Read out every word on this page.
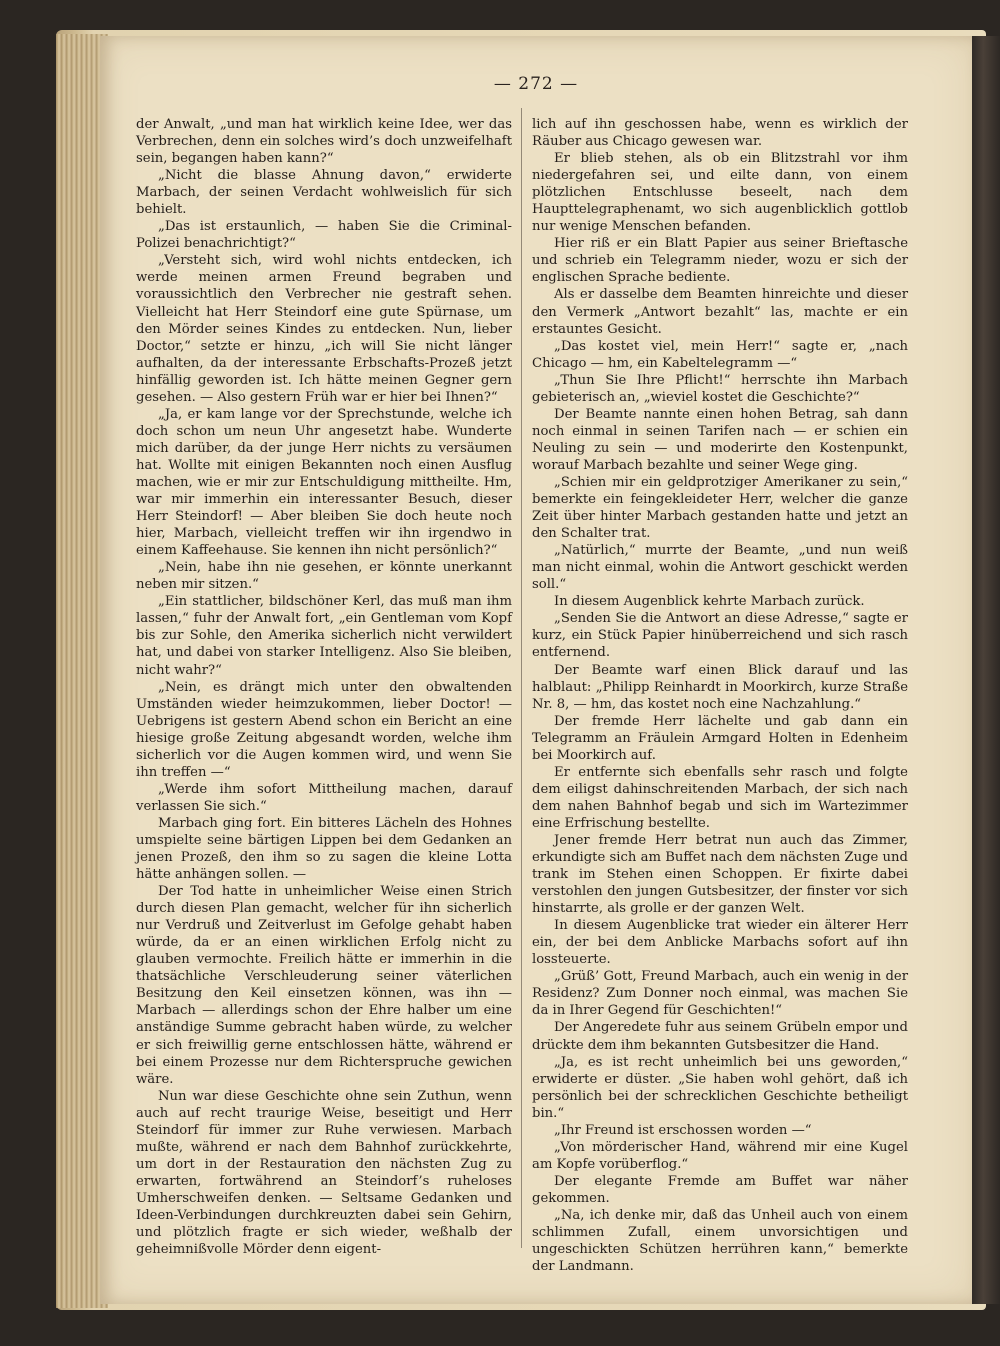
— 272 —

der Anwalt, „und man hat wirklich keine Idee, wer das Verbrechen, denn ein solches wird’s doch unzweifelhaft sein, begangen haben kann?“

„Nicht die blasse Ahnung davon,“ erwiderte Marbach, der seinen Verdacht wohlweislich für sich behielt.

„Das ist erstaunlich, — haben Sie die Criminal-Polizei benachrichtigt?“

„Versteht sich, wird wohl nichts entdecken, ich werde meinen armen Freund begraben und voraussichtlich den Verbrecher nie gestraft sehen. Vielleicht hat Herr Steindorf eine gute Spürnase, um den Mörder seines Kindes zu entdecken. Nun, lieber Doctor,“ setzte er hinzu, „ich will Sie nicht länger aufhalten, da der interessante Erbschafts-Prozeß jetzt hinfällig geworden ist. Ich hätte meinen Gegner gern gesehen. — Also gestern Früh war er hier bei Ihnen?“

„Ja, er kam lange vor der Sprechstunde, welche ich doch schon um neun Uhr angesetzt habe. Wunderte mich darüber, da der junge Herr nichts zu versäumen hat. Wollte mit einigen Bekannten noch einen Ausflug machen, wie er mir zur Entschuldigung mittheilte. Hm, war mir immerhin ein interessanter Besuch, dieser Herr Steindorf! — Aber bleiben Sie doch heute noch hier, Marbach, vielleicht treffen wir ihn irgendwo in einem Kaffeehause. Sie kennen ihn nicht persönlich?“

„Nein, habe ihn nie gesehen, er könnte unerkannt neben mir sitzen.“

„Ein stattlicher, bildschöner Kerl, das muß man ihm lassen,“ fuhr der Anwalt fort, „ein Gentleman vom Kopf bis zur Sohle, den Amerika sicherlich nicht verwildert hat, und dabei von starker Intelligenz. Also Sie bleiben, nicht wahr?“

„Nein, es drängt mich unter den obwaltenden Umständen wieder heimzukommen, lieber Doctor! — Uebrigens ist gestern Abend schon ein Bericht an eine hiesige große Zeitung abgesandt worden, welche ihm sicherlich vor die Augen kommen wird, und wenn Sie ihn treffen —“

„Werde ihm sofort Mittheilung machen, darauf verlassen Sie sich.“

Marbach ging fort. Ein bitteres Lächeln des Hohnes umspielte seine bärtigen Lippen bei dem Gedanken an jenen Prozeß, den ihm so zu sagen die kleine Lotta hätte anhängen sollen. —

Der Tod hatte in unheimlicher Weise einen Strich durch diesen Plan gemacht, welcher für ihn sicherlich nur Verdruß und Zeitverlust im Gefolge gehabt haben würde, da er an einen wirklichen Erfolg nicht zu glauben vermochte. Freilich hätte er immerhin in die thatsächliche Verschleuderung seiner väterlichen Besitzung den Keil einsetzen können, was ihn — Marbach — allerdings schon der Ehre halber um eine anständige Summe gebracht haben würde, zu welcher er sich freiwillig gerne entschlossen hätte, während er bei einem Prozesse nur dem Richterspruche gewichen wäre.

Nun war diese Geschichte ohne sein Zuthun, wenn auch auf recht traurige Weise, beseitigt und Herr Steindorf für immer zur Ruhe verwiesen. Marbach mußte, während er nach dem Bahnhof zurückkehrte, um dort in der Restauration den nächsten Zug zu erwarten, fortwährend an Steindorf’s ruheloses Umherschweifen denken. — Seltsame Gedanken und Ideen-Verbindungen durchkreuzten dabei sein Gehirn, und plötzlich fragte er sich wieder, weßhalb der geheimnißvolle Mörder denn eigent-

lich auf ihn geschossen habe, wenn es wirklich der Räuber aus Chicago gewesen war.

Er blieb stehen, als ob ein Blitzstrahl vor ihm niedergefahren sei, und eilte dann, von einem plötzlichen Entschlusse beseelt, nach dem Haupttelegraphenamt, wo sich augenblicklich gottlob nur wenige Menschen befanden.

Hier riß er ein Blatt Papier aus seiner Brieftasche und schrieb ein Telegramm nieder, wozu er sich der englischen Sprache bediente.

Als er dasselbe dem Beamten hinreichte und dieser den Vermerk „Antwort bezahlt“ las, machte er ein erstauntes Gesicht.

„Das kostet viel, mein Herr!“ sagte er, „nach Chicago — hm, ein Kabeltelegramm —“

„Thun Sie Ihre Pflicht!“ herrschte ihn Marbach gebieterisch an, „wieviel kostet die Geschichte?“

Der Beamte nannte einen hohen Betrag, sah dann noch einmal in seinen Tarifen nach — er schien ein Neuling zu sein — und moderirte den Kostenpunkt, worauf Marbach bezahlte und seiner Wege ging.

„Schien mir ein geldprotziger Amerikaner zu sein,“ bemerkte ein feingekleideter Herr, welcher die ganze Zeit über hinter Marbach gestanden hatte und jetzt an den Schalter trat.

„Natürlich,“ murrte der Beamte, „und nun weiß man nicht einmal, wohin die Antwort geschickt werden soll.“

In diesem Augenblick kehrte Marbach zurück.

„Senden Sie die Antwort an diese Adresse,“ sagte er kurz, ein Stück Papier hinüberreichend und sich rasch entfernend.

Der Beamte warf einen Blick darauf und las halblaut: „Philipp Reinhardt in Moorkirch, kurze Straße Nr. 8, — hm, das kostet noch eine Nachzahlung.“

Der fremde Herr lächelte und gab dann ein Telegramm an Fräulein Armgard Holten in Edenheim bei Moorkirch auf.

Er entfernte sich ebenfalls sehr rasch und folgte dem eiligst dahinschreitenden Marbach, der sich nach dem nahen Bahnhof begab und sich im Wartezimmer eine Erfrischung bestellte.

Jener fremde Herr betrat nun auch das Zimmer, erkundigte sich am Buffet nach dem nächsten Zuge und trank im Stehen einen Schoppen. Er fixirte dabei verstohlen den jungen Gutsbesitzer, der finster vor sich hinstarrte, als grolle er der ganzen Welt.

In diesem Augenblicke trat wieder ein älterer Herr ein, der bei dem Anblicke Marbachs sofort auf ihn lossteuerte.

„Grüß’ Gott, Freund Marbach, auch ein wenig in der Residenz? Zum Donner noch einmal, was machen Sie da in Ihrer Gegend für Geschichten!“

Der Angeredete fuhr aus seinem Grübeln empor und drückte dem ihm bekannten Gutsbesitzer die Hand.

„Ja, es ist recht unheimlich bei uns geworden,“ erwiderte er düster. „Sie haben wohl gehört, daß ich persönlich bei der schrecklichen Geschichte betheiligt bin.“

„Ihr Freund ist erschossen worden —“

„Von mörderischer Hand, während mir eine Kugel am Kopfe vorüberflog.“

Der elegante Fremde am Buffet war näher gekommen.

„Na, ich denke mir, daß das Unheil auch von einem schlimmen Zufall, einem unvorsichtigen und ungeschickten Schützen herrühren kann,“ bemerkte der Landmann.
